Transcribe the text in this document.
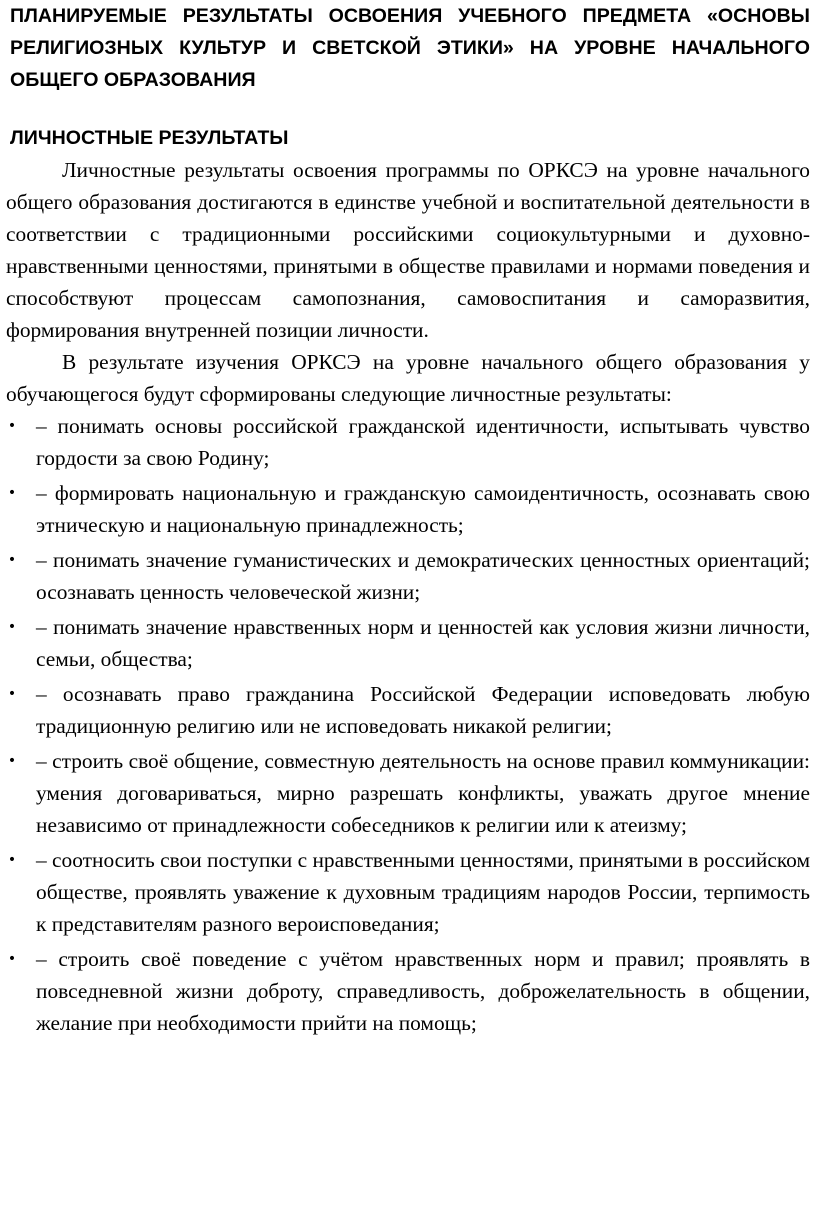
ПЛАНИРУЕМЫЕ РЕЗУЛЬТАТЫ ОСВОЕНИЯ УЧЕБНОГО ПРЕДМЕТА «ОСНОВЫ РЕЛИГИОЗНЫХ КУЛЬТУР И СВЕТСКОЙ ЭТИКИ» НА УРОВНЕ НАЧАЛЬНОГО ОБЩЕГО ОБРАЗОВАНИЯ
ЛИЧНОСТНЫЕ РЕЗУЛЬТАТЫ

Личностные результаты освоения программы по ОРКСЭ на уровне начального общего образования достигаются в единстве учебной и воспитательной деятельности в соответствии с традиционными российскими социокультурными и духовно-нравственными ценностями, принятыми в обществе правилами и нормами поведения и способствуют процессам самопознания, самовоспитания и саморазвития, формирования внутренней позиции личности.

В результате изучения ОРКСЭ на уровне начального общего образования у обучающегося будут сформированы следующие личностные результаты:

• – понимать основы российской гражданской идентичности, испытывать чувство гордости за свою Родину;
• – формировать национальную и гражданскую самоидентичность, осознавать свою этническую и национальную принадлежность;
• – понимать значение гуманистических и демократических ценностных ориентаций; осознавать ценность человеческой жизни;
• – понимать значение нравственных норм и ценностей как условия жизни личности, семьи, общества;
• – осознавать право гражданина Российской Федерации исповедовать любую традиционную религию или не исповедовать никакой религии;
• – строить своё общение, совместную деятельность на основе правил коммуникации: умения договариваться, мирно разрешать конфликты, уважать другое мнение независимо от принадлежности собеседников к религии или к атеизму;
• – соотносить свои поступки с нравственными ценностями, принятыми в российском обществе, проявлять уважение к духовным традициям народов России, терпимость к представителям разного вероисповедания;
• – строить своё поведение с учётом нравственных норм и правил; проявлять в повседневной жизни доброту, справедливость, доброжелательность в общении, желание при необходимости прийти на помощь;
